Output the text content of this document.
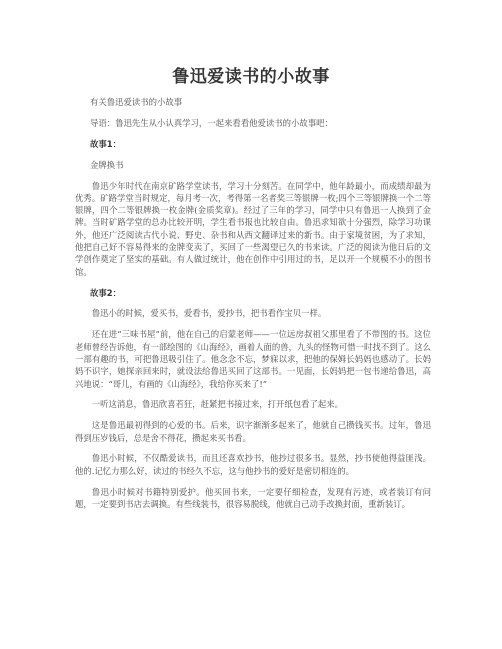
鲁迅爱读书的小故事

有关鲁迅爱读书的小故事

导语：鲁迅先生从小认真学习，一起来看看他爱读书的小故事吧：

故事1：

金牌换书

鲁迅少年时代在南京矿路学堂读书，学习十分刻苦。在同学中，他年龄最小，而成绩却最为优秀。矿路学堂当时规定，每月考一次，考得第一名者奖三等银牌一枚;四个三等银牌换一个二等银牌，四个二等银牌换一枚金牌(金质奖章)。经过了三年的学习，同学中只有鲁迅一人换到了金牌。当时矿路学堂的总办比较开明，学生看书报也比较自由。鲁迅求知欲十分强烈，除学习功课外，他还广泛阅读古代小说、野史、杂书和从西文翻译过来的新书。由于家境贫困，为了求知，他把自己好不容易得来的金牌变卖了，买回了一些渴望已久的书来读。广泛的阅读为他日后的文学创作奠定了坚实的基础。有人做过统计，他在创作中引用过的书，足以开一个规模不小的图书馆。

故事2：

鲁迅小的时候，爱买书，爱看书，爱抄书，把书看作宝贝一样。

还在进“三味书屋”前，他在自己的启蒙老师——一位远房叔祖父那里看了不带图的书。这位老师曾经告诉他，有一部绘图的《山海经》，画着人面的兽，九头的怪物可惜一时找不到了。这么一部有趣的书，可把鲁迅吸引住了。他念念不忘，梦寐以求，把他的保姆长妈妈也感动了。长妈妈不识字，她探亲回来时，就设法给鲁迅买回了这部书。一见面，长妈妈把一包书递给鲁迅，高兴地说：“哥儿，有画的《山海经》，我给你买来了!”

一听这消息，鲁迅欣喜若狂，赶紧把书接过来，打开纸包看了起来。

这是鲁迅最初得到的心爱的书。后来，识字渐渐多起来了，他就自己攒钱买书。过年，鲁迅得到压岁钱后，总是舍不得花，攒起来买书看。

鲁迅小时候，不仅酷爱读书，而且还喜欢抄书，他抄过很多书。显然，抄书使他得益匪浅。他的.记忆力那么好，读过的书经久不忘，这与他抄书的爱好是密切相连的。

鲁迅小时候对书籍特别爱护。他买回书来，一定要仔细检查，发现有污迹，或者装订有问题，一定要到书店去调换。有些线装书，很容易脱线，他就自己动手改换封面，重新装订。
